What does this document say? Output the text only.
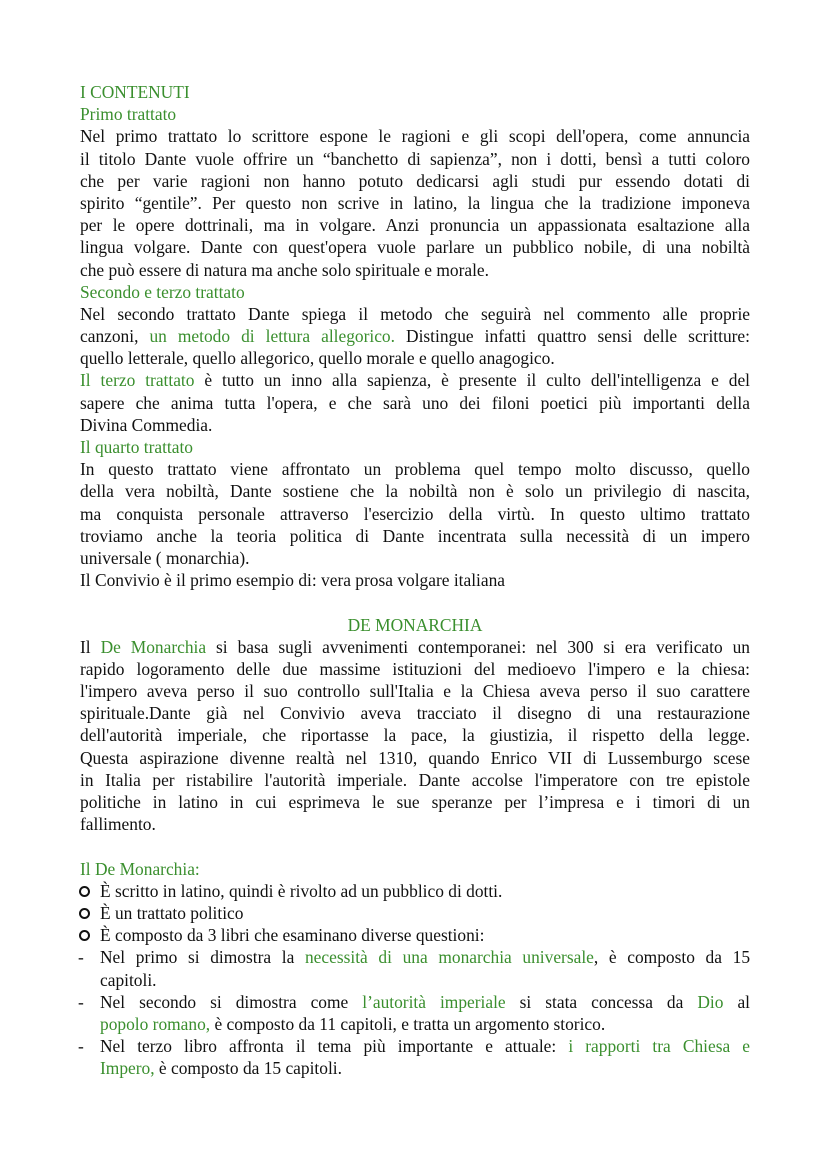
I CONTENUTI
Primo trattato
Nel primo trattato lo scrittore espone le ragioni e gli scopi dell'opera, come annuncia
il titolo Dante vuole offrire un “banchetto di sapienza”, non i dotti, bensì a tutti coloro
che per varie ragioni non hanno potuto dedicarsi agli studi pur essendo dotati di
spirito “gentile”. Per questo non scrive in latino, la lingua che la tradizione imponeva
per le opere dottrinali, ma in volgare. Anzi pronuncia un appassionata esaltazione alla
lingua volgare. Dante con quest'opera vuole parlare un pubblico nobile, di una nobiltà
che può essere di natura ma anche solo spirituale e morale.
Secondo e terzo trattato
Nel secondo trattato Dante spiega il metodo che seguirà nel commento alle proprie
canzoni, un metodo di lettura allegorico. Distingue infatti quattro sensi delle scritture:
quello letterale, quello allegorico, quello morale e quello anagogico.
Il terzo trattato è tutto un inno alla sapienza, è presente il culto dell'intelligenza e del
sapere che anima tutta l'opera, e che sarà uno dei filoni poetici più importanti della
Divina Commedia.
Il quarto trattato
In questo trattato viene affrontato un problema quel tempo molto discusso, quello
della vera nobiltà, Dante sostiene che la nobiltà non è solo un privilegio di nascita,
ma conquista personale attraverso l'esercizio della virtù. In questo ultimo trattato
troviamo anche la teoria politica di Dante incentrata sulla necessità di un impero
universale ( monarchia).
Il Convivio è il primo esempio di: vera prosa volgare italiana
DE MONARCHIA
Il De Monarchia si basa sugli avvenimenti contemporanei: nel 300 si era verificato un
rapido logoramento delle due massime istituzioni del medioevo l'impero e la chiesa:
l'impero aveva perso il suo controllo sull'Italia e la Chiesa aveva perso il suo carattere
spirituale.Dante già nel Convivio aveva tracciato il disegno di una restaurazione
dell'autorità imperiale, che riportasse la pace, la giustizia, il rispetto della legge.
Questa aspirazione divenne realtà nel 1310, quando Enrico VII di Lussemburgo scese
in Italia per ristabilire l'autorità imperiale. Dante accolse l'imperatore con tre epistole
politiche in latino in cui esprimeva le sue speranze per l’impresa e i timori di un
fallimento.
Il De Monarchia:
È scritto in latino, quindi è rivolto ad un pubblico di dotti.
È un trattato politico
È composto da 3 libri che esaminano diverse questioni:
- Nel primo si dimostra la necessità di una monarchia universale, è composto da 15
capitoli.
- Nel secondo si dimostra come l’autorità imperiale si stata concessa da Dio al
popolo romano, è composto da 11 capitoli, e tratta un argomento storico.
- Nel terzo libro affronta il tema più importante e attuale: i rapporti tra Chiesa e
Impero, è composto da 15 capitoli.
